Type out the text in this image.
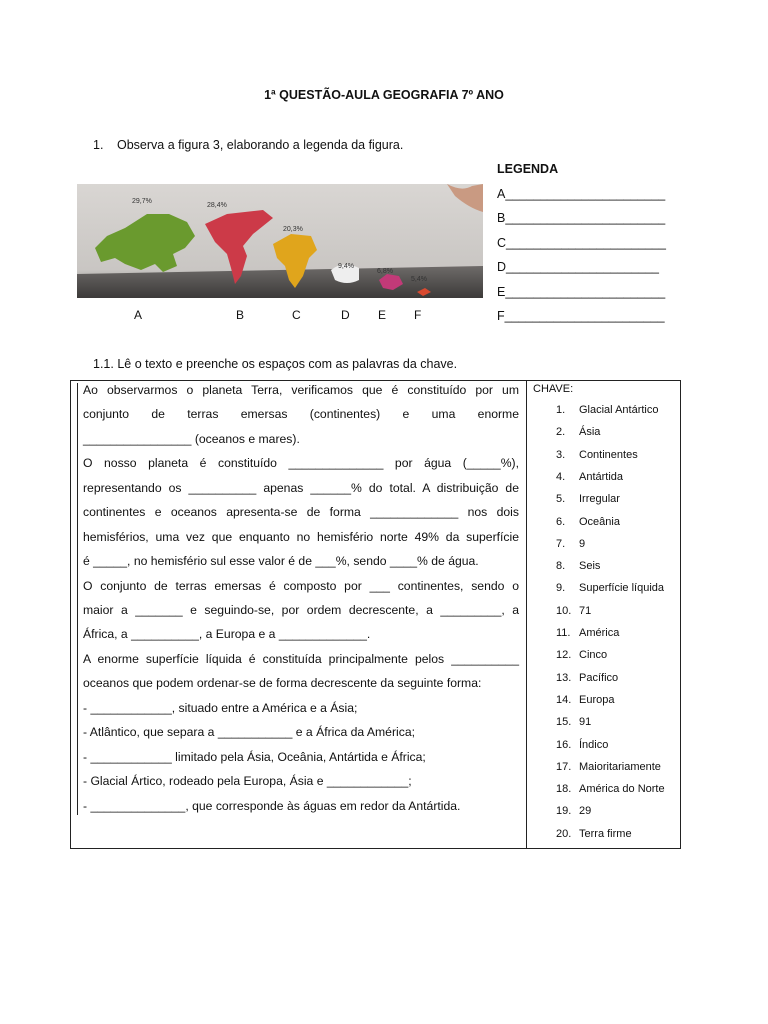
1ª QUESTÃO-AULA GEOGRAFIA 7º ANO
1. Observa a figura 3, elaborando a legenda da figura.
LEGENDA
A_______________________
B_______________________
C_______________________
D______________________
E_______________________
F_______________________
29,7%
28,4%
20,3%
9,4%
6,8%
5,4%
A	B	C	D E F
1.1. Lê o texto e preenche os espaços com as palavras da chave.
Ao observarmos o planeta Terra, verificamos que é constituído por um
conjunto de terras emersas (continentes) e uma enorme
________________ (oceanos e mares).
O nosso planeta é constituído ______________ por água (_____%),
representando os __________ apenas ______% do total. A distribuição de
continentes e oceanos apresenta-se de forma _____________ nos dois
hemisférios, uma vez que enquanto no hemisfério norte 49% da superfície
é _____, no hemisfério sul esse valor é de ___%, sendo ____% de água.
O conjunto de terras emersas é composto por ___ continentes, sendo o
maior a _______ e seguindo-se, por ordem decrescente, a _________, a
África, a __________, a Europa e a _____________.
A enorme superfície líquida é constituída principalmente pelos __________
oceanos que podem ordenar-se de forma decrescente da seguinte forma:
- ____________, situado entre a América e a Ásia;
- Atlântico, que separa a ___________ e a África da América;
- ____________ limitado pela Ásia, Oceânia, Antártida e África;
- Glacial Ártico, rodeado pela Europa, Ásia e ____________;
- ______________, que corresponde às águas em redor da Antártida.
CHAVE:
1. Glacial Antártico
2. Ásia
3. Continentes
4. Antártida
5. Irregular
6. Oceânia
7. 9
8. Seis
9. Superfície líquida
10. 71
11. América
12. Cinco
13. Pacífico
14. Europa
15. 91
16. Índico
17. Maioritariamente
18. América do Norte
19. 29
20. Terra firme
